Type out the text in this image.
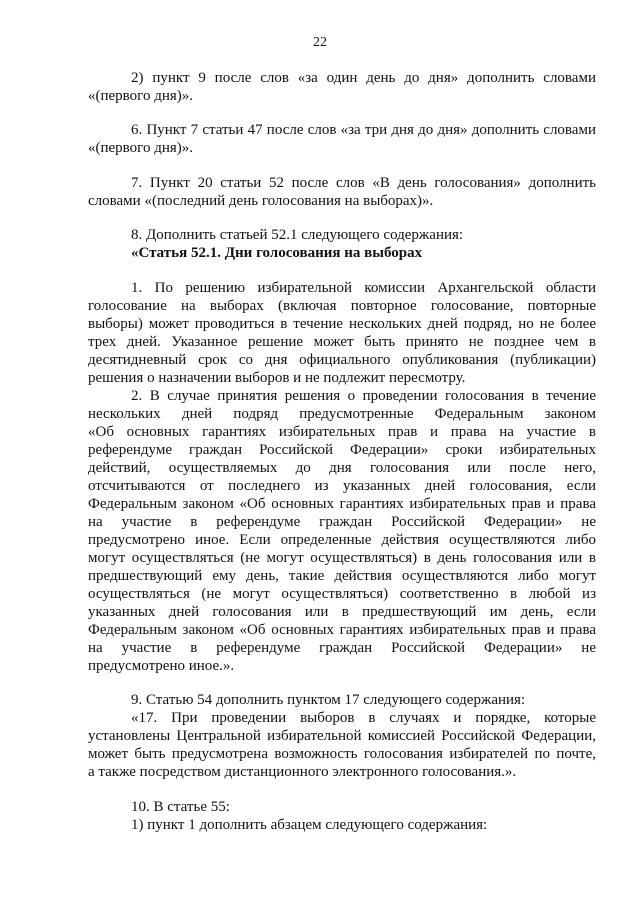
22
2) пункт 9 после слов «за один день до дня» дополнить словами
«(первого дня)».
6. Пункт 7 статьи 47 после слов «за три дня до дня» дополнить словами
«(первого дня)».
7. Пункт 20 статьи 52 после слов «В день голосования» дополнить
словами «(последний день голосования на выборах)».
8. Дополнить статьей 52.1 следующего содержания:
«Статья 52.1. Дни голосования на выборах
1. По решению избирательной комиссии Архангельской области
голосование на выборах (включая повторное голосование, повторные
выборы) может проводиться в течение нескольких дней подряд, но не более
трех дней. Указанное решение может быть принято не позднее чем в
десятидневный срок со дня официального опубликования (публикации)
решения о назначении выборов и не подлежит пересмотру.
2. В случае принятия решения о проведении голосования в течение
нескольких дней подряд предусмотренные Федеральным законом
«Об основных гарантиях избирательных прав и права на участие в
референдуме граждан Российской Федерации» сроки избирательных
действий, осуществляемых до дня голосования или после него,
отсчитываются от последнего из указанных дней голосования, если
Федеральным законом «Об основных гарантиях избирательных прав и права
на участие в референдуме граждан Российской Федерации» не
предусмотрено иное. Если определенные действия осуществляются либо
могут осуществляться (не могут осуществляться) в день голосования или в
предшествующий ему день, такие действия осуществляются либо могут
осуществляться (не могут осуществляться) соответственно в любой из
указанных дней голосования или в предшествующий им день, если
Федеральным законом «Об основных гарантиях избирательных прав и права
на участие в референдуме граждан Российской Федерации» не
предусмотрено иное.».
9. Статью 54 дополнить пунктом 17 следующего содержания:
«17. При проведении выборов в случаях и порядке, которые
установлены Центральной избирательной комиссией Российской Федерации,
может быть предусмотрена возможность голосования избирателей по почте,
а также посредством дистанционного электронного голосования.».
10. В статье 55:
1) пункт 1 дополнить абзацем следующего содержания:
